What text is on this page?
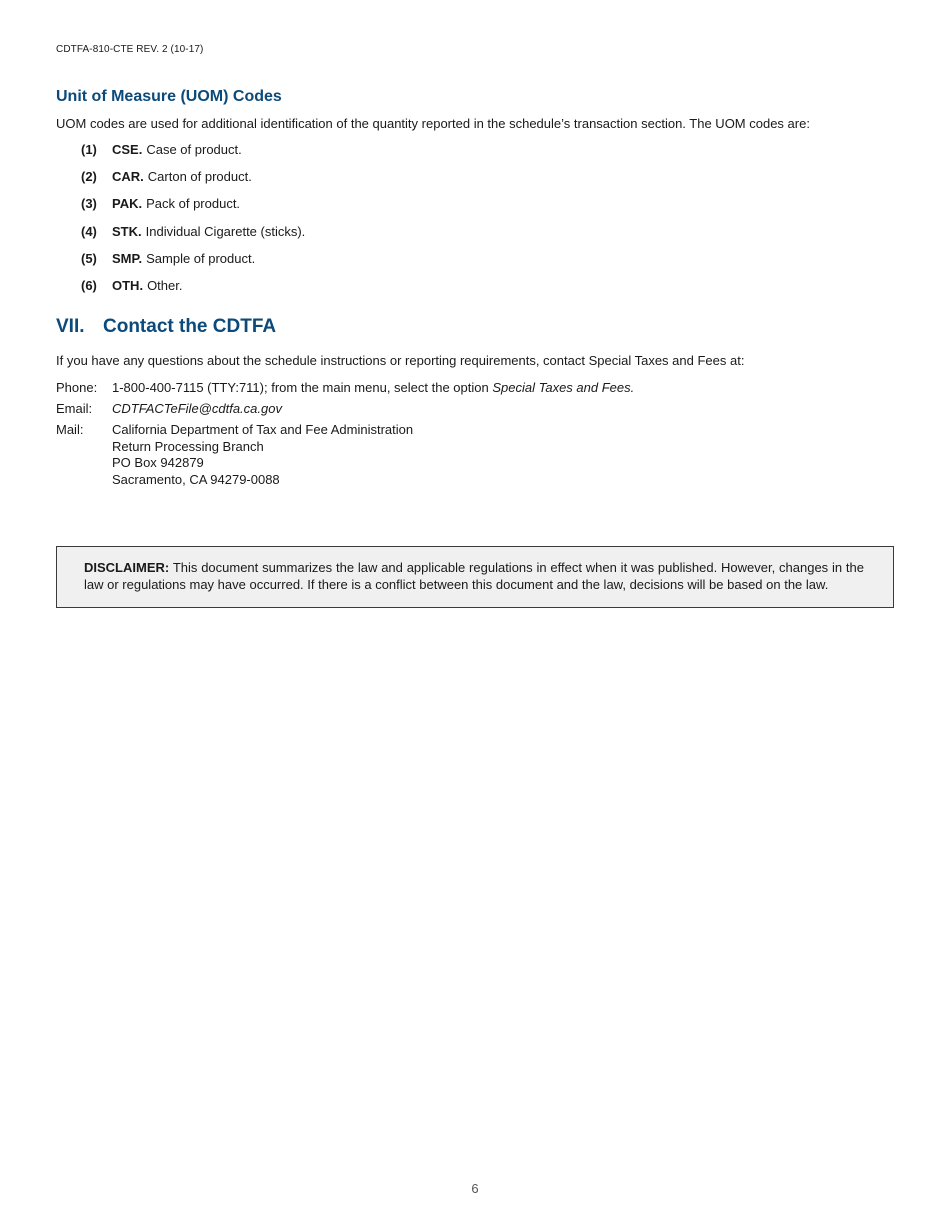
CDTFA-810-CTE REV. 2 (10-17)
Unit of Measure (UOM) Codes
UOM codes are used for additional identification of the quantity reported in the schedule’s transaction section. The UOM codes are:
(1)	CSE. Case of product.
(2)	CAR. Carton of product.
(3)	PAK. Pack of product.
(4)	STK. Individual Cigarette (sticks).
(5)	SMP. Sample of product.
(6)	OTH. Other.
VII. Contact the CDTFA
If you have any questions about the schedule instructions or reporting requirements, contact Special Taxes and Fees at:
Phone:	1-800-400-7115 (TTY:711); from the main menu, select the option Special Taxes and Fees.
Email:	CDTFACTeFile@cdtfa.ca.gov
Mail:	California Department of Tax and Fee Administration
Return Processing Branch
PO Box 942879
Sacramento, CA 94279-0088
DISCLAIMER: This document summarizes the law and applicable regulations in effect when it was published. However, changes in the law or regulations may have occurred. If there is a conflict between this document and the law, decisions will be based on the law.
6
